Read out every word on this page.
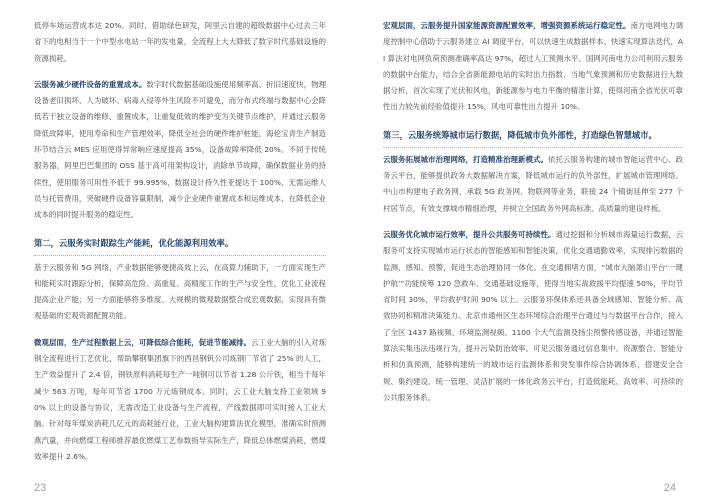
低停车场运营成本达 20%。同时，借助绿色研发，阿里云自建的超级数据中心过去三年省下的电相当于一个中型水电站一年的发电量，全流程上大大降低了数字时代基础设施的资源损耗。

云服务减少硬件设备的重置成本。数字时代数据基础设施使用频率高、折旧速度快，物理设备老旧损坏、人为破坏、病毒入侵等外生风险不可避免，而分布式终端与数据中心会降低若干独立设备的维修、重置成本，让重复低效的维护变为关键节点维护，并通过云服务降低故障率，使用寿命和生产管理效率，降低全社会的硬件维护桩能，海伦宝青生产制造环节结合云 MES 应用使得异常响应速度提高 35%，设备故障率降低 20%。不同于传统服务器，阿里巴巴集团的 OSS 基于高可用架构设计，消除单节故障，确保数据业务的持续性，使用服务可用性不低于 99.995%，数据设计持久性亚提达于 100%，无需运维人员与托管费用，突破硬件设备容量限制，减少企业硬件重置成本和运维成本，在降低企业成本的同时提升服务的稳定性。

第二，云服务实时跟踪生产能耗，优化能源利用效率。

基于云服务和 5G 网络，产业数据能够便捷高效上云，在高算力辅助下，一方面实现生产和能耗实时跟踪分析，保障高危险、高重复、高精度工作的生产与安全性，优化工业流程提高企业产能；另一方面能够将多维度、大规模的微观数据整合成宏观数据，实现具有微观基础的宏观资源配置功能。

微观层面，生产过程数据上云，可降低综合能耗，促进节能减排。云工业大脑的引入对炼钢全流程进行工艺优化，帮助攀钢集团旗下的西昌钢钒公司炼钢厂节省了 25% 的人工，生产效益提升了 2.4 倍，钢铁原料消耗每生产一吨钢可以节省 1.28 公斤铁，相当于每年减少 563 万吨，每年可节省 1700 万元炼钢成本。同时，云工业大脑支持工业领域 90% 以上的设备与协议，无需改造工业设备与生产流程，产线数据即可实时接入工业大脑。针对每年煤炭消耗几亿元的高耗能行业，工业大脑构建算法优化模型，准确实时预测燕汽量，并向燃煤工程师推荐最优燃煤工艺参数指导实际生产，降低总体燃煤消耗，燃煤效率提升 2.6%。

23

宏观层面，云服务提升国家能源资源配置效率，增强资源系统运行稳定性。南方电网电力调度控制中心借助于云服务建立 AI 调度平台，可以快速生成数据样本、快速实现算法迭代，AI 算法对电网负荷预测准确率高达 97%，超过人工预测水平。国网河南电力公司利用云服务的数据中台能力，结合全省新能源电站的实时出力指数、当地气象预测和历史数据进行大数据分析，首次实现了光伏和风电，新能源参与电力平衡的精准计算，使得河南全省光伏可靠性出力较先前经验值提升 15%，风电可靠性出力提升 10%。

第三，云服务统筹城市运行数据，降低城市负外部性，打造绿色智慧城市。

云服务拓展城市治理网络，打造精准治理新模式。依托云服务构建的城市智能运营中心、政务云平台，能够提供政务大数据解决方案，降低城市运行的负外部性，扩展城市管理网络。中山市构建电子政务网，承载 5G 政务网、物联网等业务，联接 24 个镇街延伸至 277 个村居节点，有效支撑城市精细治理，并树立全国政务外网高标准、高质量的建设样板。

云服务优化城市运行效率，提升公共服务可持续性。通过挖掘和分析城市海量运行数据，云服务可支持实现城市运行状态的智能感知和智能决策，优化交通通勤效率，实现排污数据的监测、感知、预警，促进生态治理协同一体化。在交通拥堵方面，“城市大脑萧山平台‘一键护航’”功能统筹 120 急救车、交通基础设施等，使得当地实战救援平均提速 50%，平均节省时间 30%，平均救护时间 90% 以上。云服务环保体系还具备全域感知、智能分析、高效协同和精准决策能力。北京市通州区生态环境综合治理平台通过与与数据平台合作，接入了全区 1437 路视频、环境监测视频、1100 个大气监测及扬尘预警传感设备，并通过智能算法实集违法违规行为，提升污染防治效率。可见云服务通过信息集中、资源整合、智能分析和仿真预测，能够构建统一的城市运行监测体系和突发事件综合协调体系，搭建安全合规、集约建设、统一管理、灵活扩展的一体化政务云平台，打造低能耗、高效率、可持续的公共服务体系。

24
